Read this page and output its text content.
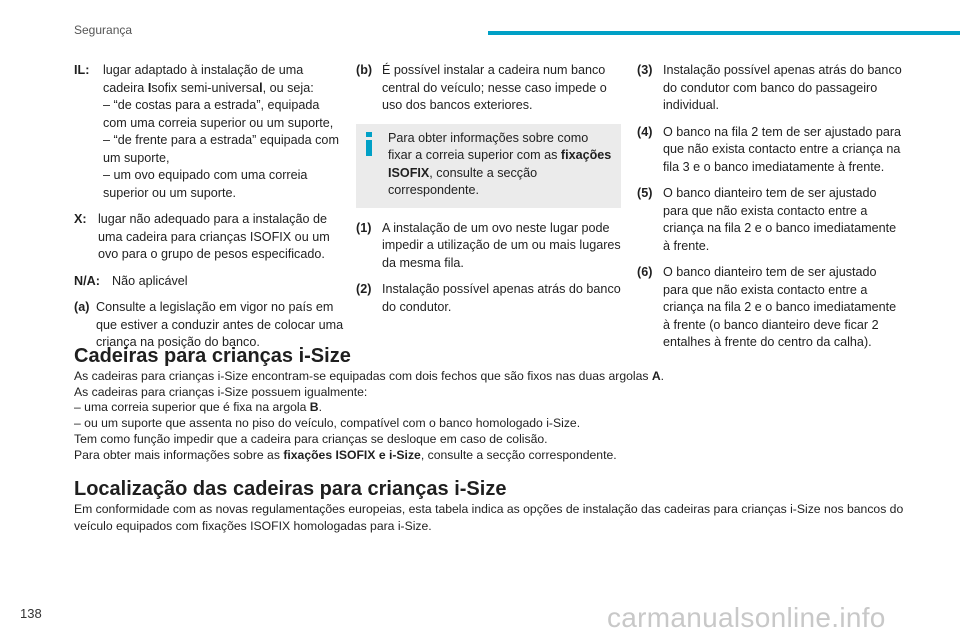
Segurança
IL:	lugar adaptado à instalação de uma
cadeira Isofix semi-universal, ou seja:
– “de costas para a estrada”, equipada com uma correia superior ou um suporte,
– “de frente para a estrada” equipada com um suporte,
– um ovo equipado com uma correia superior ou um suporte.
X: lugar não adequado para a instalação de uma cadeira para crianças ISOFIX ou um ovo para o grupo de pesos especificado.
N/A: Não aplicável
(a) Consulte a legislação em vigor no país em que estiver a conduzir antes de colocar uma criança na posição do banco.
(b) É possível instalar a cadeira num banco central do veículo; nesse caso impede o uso dos bancos exteriores.
Para obter informações sobre como fixar a correia superior com as fixações ISOFIX, consulte a secção correspondente.
(1) A instalação de um ovo neste lugar pode impedir a utilização de um ou mais lugares da mesma fila.
(2) Instalação possível apenas atrás do banco do condutor.
(3) Instalação possível apenas atrás do banco do condutor com banco do passageiro individual.
(4) O banco na fila 2 tem de ser ajustado para que não exista contacto entre a criança na fila 3 e o banco imediatamente à frente.
(5) O banco dianteiro tem de ser ajustado para que não exista contacto entre a criança na fila 2 e o banco imediatamente à frente.
(6) O banco dianteiro tem de ser ajustado para que não exista contacto entre a criança na fila 2 e o banco imediatamente à frente (o banco dianteiro deve ficar 2 entalhes à frente do centro da calha).
Cadeiras para crianças i-Size
As cadeiras para crianças i-Size encontram-se equipadas com dois fechos que são fixos nas duas argolas A.
As cadeiras para crianças i-Size possuem igualmente:
– uma correia superior que é fixa na argola B.
– ou um suporte que assenta no piso do veículo, compatível com o banco homologado i-Size.
Tem como função impedir que a cadeira para crianças se desloque em caso de colisão.
Para obter mais informações sobre as fixações ISOFIX e i-Size, consulte a secção correspondente.
Localização das cadeiras para crianças i-Size
Em conformidade com as novas regulamentações europeias, esta tabela indica as opções de instalação das cadeiras para crianças i-Size nos bancos do veículo equipados com fixações ISOFIX homologadas para i-Size.
138	carmanualsonline.info
